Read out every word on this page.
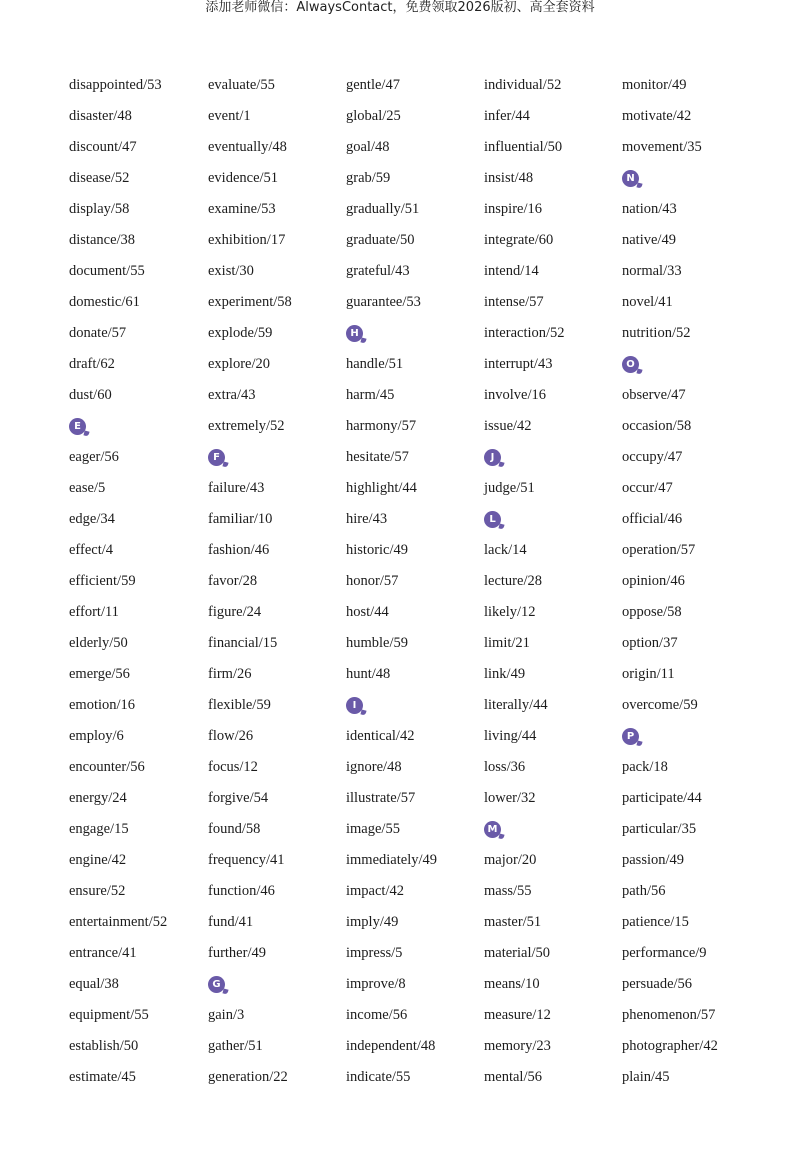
添加老师微信：AlwaysContact，免费领取2026版初、高全套资料
disappointed/53
disaster/48
discount/47
disease/52
display/58
distance/38
document/55
domestic/61
donate/57
draft/62
dust/60
E
eager/56
ease/5
edge/34
effect/4
efficient/59
effort/11
elderly/50
emerge/56
emotion/16
employ/6
encounter/56
energy/24
engage/15
engine/42
ensure/52
entertainment/52
entrance/41
equal/38
equipment/55
establish/50
estimate/45
evaluate/55
event/1
eventually/48
evidence/51
examine/53
exhibition/17
exist/30
experiment/58
explode/59
explore/20
extra/43
extremely/52
F
failure/43
familiar/10
fashion/46
favor/28
figure/24
financial/15
firm/26
flexible/59
flow/26
focus/12
forgive/54
found/58
frequency/41
function/46
fund/41
further/49
G
gain/3
gather/51
generation/22
gentle/47
global/25
goal/48
grab/59
gradually/51
graduate/50
grateful/43
guarantee/53
H
handle/51
harm/45
harmony/57
hesitate/57
highlight/44
hire/43
historic/49
honor/57
host/44
humble/59
hunt/48
I
identical/42
ignore/48
illustrate/57
image/55
immediately/49
impact/42
imply/49
impress/5
improve/8
income/56
independent/48
indicate/55
individual/52
infer/44
influential/50
insist/48
inspire/16
integrate/60
intend/14
intense/57
interaction/52
interrupt/43
involve/16
issue/42
J
judge/51
L
lack/14
lecture/28
likely/12
limit/21
link/49
literally/44
living/44
loss/36
lower/32
M
major/20
mass/55
master/51
material/50
means/10
measure/12
memory/23
mental/56
monitor/49
motivate/42
movement/35
N
nation/43
native/49
normal/33
novel/41
nutrition/52
O
observe/47
occasion/58
occupy/47
occur/47
official/46
operation/57
opinion/46
oppose/58
option/37
origin/11
overcome/59
P
pack/18
participate/44
particular/35
passion/49
path/56
patience/15
performance/9
persuade/56
phenomenon/57
photographer/42
plain/45
